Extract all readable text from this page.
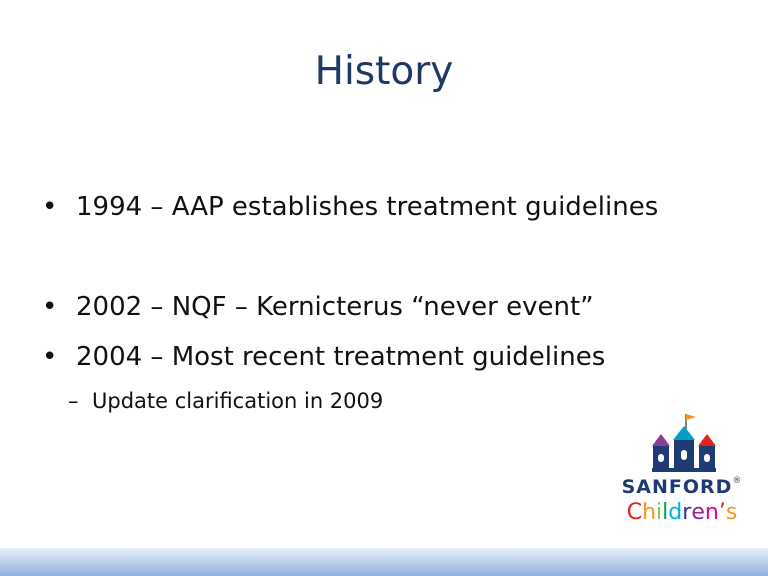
History
• 1994 – AAP establishes treatment guidelines
• 2002 – NQF – Kernicterus “never event”
• 2004 – Most recent treatment guidelines
– Update clarification in 2009
SANFORD®
Children’s
